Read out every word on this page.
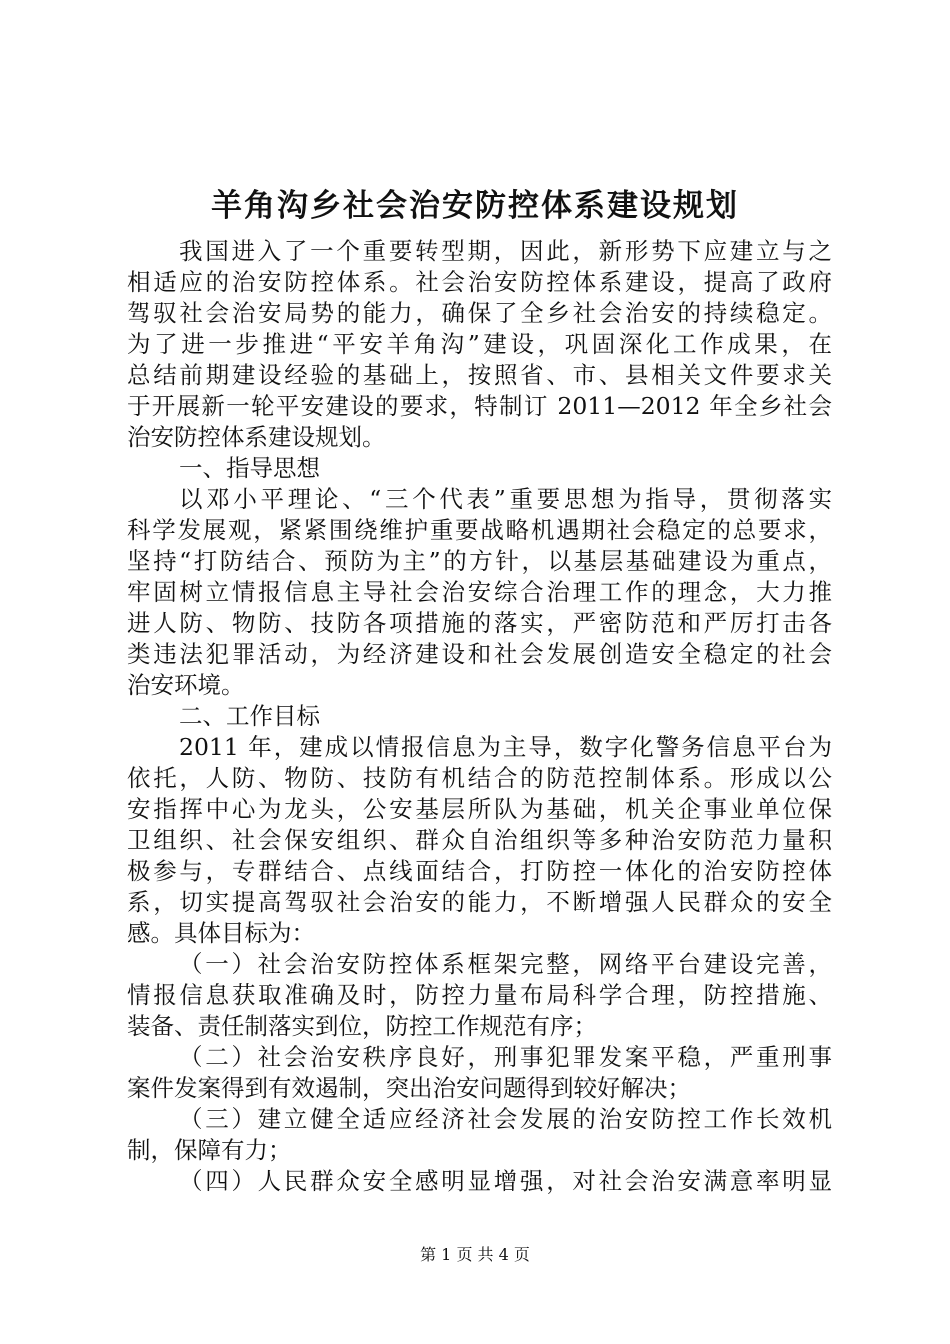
羊角沟乡社会治安防控体系建设规划
我国进入了一个重要转型期，因此，新形势下应建立与之
相适应的治安防控体系。社会治安防控体系建设，提高了政府
驾驭社会治安局势的能力，确保了全乡社会治安的持续稳定。
为了进一步推进“平安羊角沟”建设，巩固深化工作成果，在
总结前期建设经验的基础上，按照省、市、县相关文件要求关
于开展新一轮平安建设的要求，特制订 2011—2012 年全乡社会
治安防控体系建设规划。
一、指导思想
以邓小平理论、“三个代表”重要思想为指导，贯彻落实
科学发展观，紧紧围绕维护重要战略机遇期社会稳定的总要求，
坚持“打防结合、预防为主”的方针，以基层基础建设为重点，
牢固树立情报信息主导社会治安综合治理工作的理念，大力推
进人防、物防、技防各项措施的落实，严密防范和严厉打击各
类违法犯罪活动，为经济建设和社会发展创造安全稳定的社会
治安环境。
二、工作目标
2011 年，建成以情报信息为主导，数字化警务信息平台为
依托，人防、物防、技防有机结合的防范控制体系。形成以公
安指挥中心为龙头，公安基层所队为基础，机关企事业单位保
卫组织、社会保安组织、群众自治组织等多种治安防范力量积
极参与，专群结合、点线面结合，打防控一体化的治安防控体
系，切实提高驾驭社会治安的能力，不断增强人民群众的安全
感。具体目标为：
（一）社会治安防控体系框架完整，网络平台建设完善，
情报信息获取准确及时，防控力量布局科学合理，防控措施、
装备、责任制落实到位，防控工作规范有序；
（二）社会治安秩序良好，刑事犯罪发案平稳，严重刑事
案件发案得到有效遏制，突出治安问题得到较好解决；
（三）建立健全适应经济社会发展的治安防控工作长效机
制，保障有力；
（四）人民群众安全感明显增强，对社会治安满意率明显
第 1 页 共 4 页
